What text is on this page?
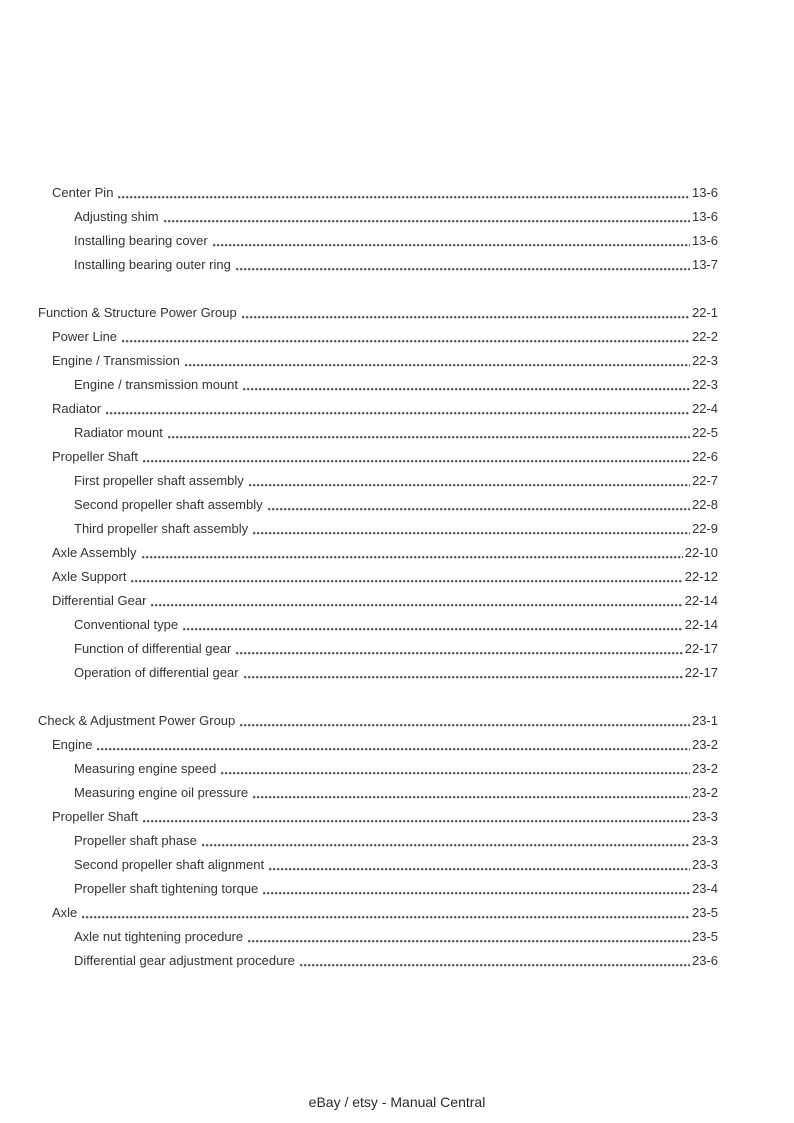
Center Pin	13-6
Adjusting shim	13-6
Installing bearing cover	13-6
Installing bearing outer ring	13-7
Function & Structure Power Group	22-1
Power Line	22-2
Engine / Transmission	22-3
Engine / transmission mount	22-3
Radiator	22-4
Radiator mount	22-5
Propeller Shaft	22-6
First propeller shaft assembly	22-7
Second propeller shaft assembly	22-8
Third propeller shaft assembly	22-9
Axle Assembly	22-10
Axle Support	22-12
Differential Gear	22-14
Conventional type	22-14
Function of differential gear	22-17
Operation of differential gear	22-17
Check & Adjustment Power Group	23-1
Engine	23-2
Measuring engine speed	23-2
Measuring engine oil pressure	23-2
Propeller Shaft	23-3
Propeller shaft phase	23-3
Second propeller shaft alignment	23-3
Propeller shaft tightening torque	23-4
Axle	23-5
Axle nut tightening procedure	23-5
Differential gear adjustment procedure	23-6
eBay / etsy - Manual Central
